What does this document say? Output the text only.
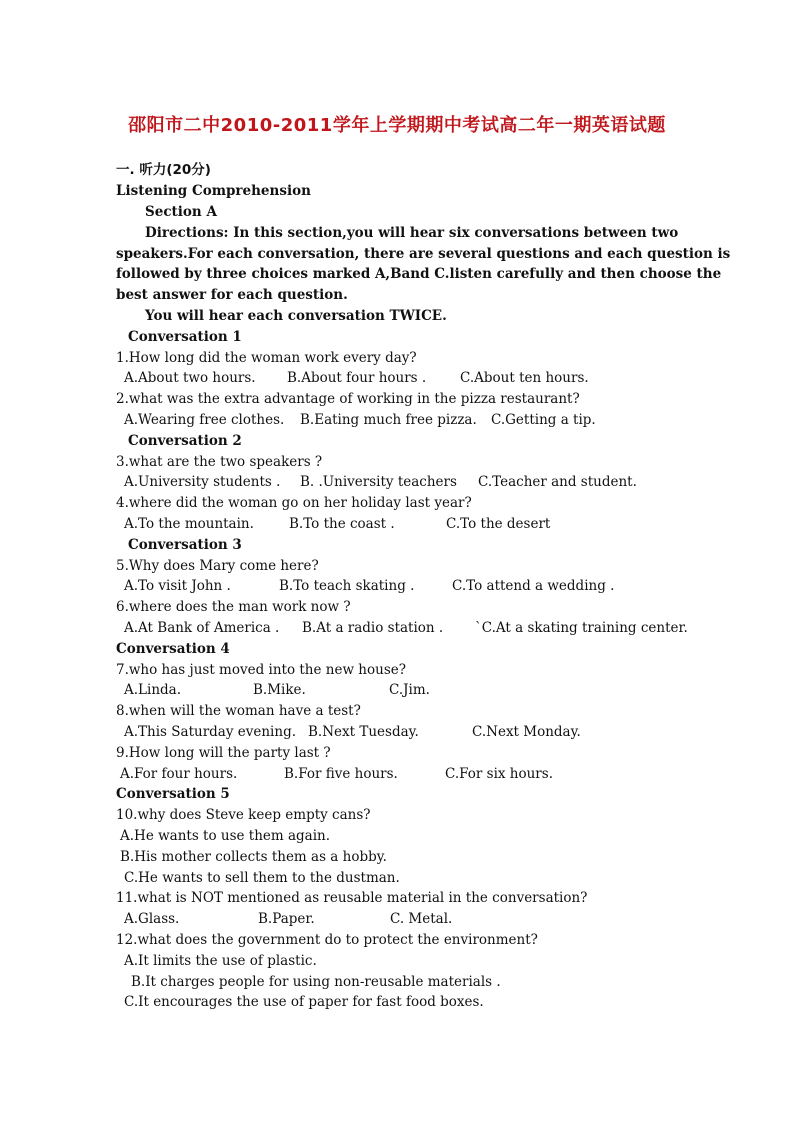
邵阳市二中2010-2011学年上学期期中考试高二年一期英语试题
一. 听力(20分)
Listening Comprehension
Section A
Directions: In this section,you will hear six conversations between two
speakers.For each conversation, there are several questions and each question is
followed by three choices marked A,Band C.listen carefully and then choose the
best answer for each question.
You will hear each conversation TWICE.
Conversation 1
1.How long did the woman work every day?
A.About two hours. B.About four hours .	C.About ten hours.
2.what was the extra advantage of working in the pizza restaurant?
A.Wearing free clothes. B.Eating much free pizza. C.Getting a tip.
Conversation 2
3.what are the two speakers ?
A.University students . B. .University teachers C.Teacher and student.
4.where did the woman go on her holiday last year?
A.To the mountain.	B.To the coast .	C.To the desert
Conversation 3
5.Why does Mary come here?
A.To visit John .	B.To teach skating .	C.To attend a wedding .
6.where does the man work now ?
A.At Bank of America . B.At a radio station . `C.At a skating training center.
Conversation 4
7.who has just moved into the new house?
A.Linda.	B.Mike.	C.Jim.
8.when will the woman have a test?
A.This Saturday evening. B.Next Tuesday.	C.Next Monday.
9.How long will the party last ?
A.For four hours.	B.For five hours.	C.For six hours.
Conversation 5
10.why does Steve keep empty cans?
A.He wants to use them again.
B.His mother collects them as a hobby.
C.He wants to sell them to the dustman.
11.what is NOT mentioned as reusable material in the conversation?
A.Glass.	B.Paper.	C. Metal.
12.what does the government do to protect the environment?
A.It limits the use of plastic.
B.It charges people for using non-reusable materials .
C.It encourages the use of paper for fast food boxes.
